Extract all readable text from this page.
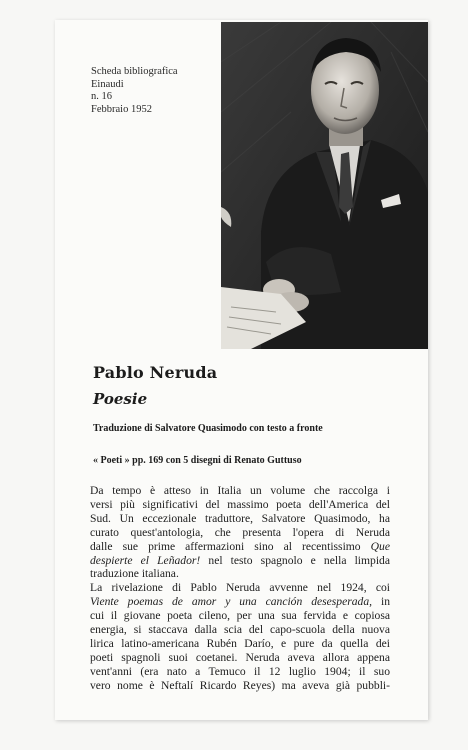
Scheda bibliografica
Einaudi
n. 16
Febbraio 1952
Pablo Neruda
Poesie
Traduzione di Salvatore Quasimodo con testo a fronte
« Poeti » pp. 169 con 5 disegni di Renato Guttuso
Da tempo è atteso in Italia un volume che raccolga i
versi più significativi del massimo poeta dell'America del
Sud. Un eccezionale traduttore, Salvatore Quasimodo, ha
curato quest'antologia, che presenta l'opera di Neruda
dalle sue prime affermazioni sino al recentissimo Que
despierte el Leñador! nel testo spagnolo e nella limpida
traduzione italiana.
La rivelazione di Pablo Neruda avvenne nel 1924, coi
Viente poemas de amor y una canción desesperada, in
cui il giovane poeta cileno, per una sua fervida e copiosa
energia, si staccava dalla scia del capo-scuola della nuova
lirica latino-americana Rubén Darío, e pure da quella dei
poeti spagnoli suoi coetanei. Neruda aveva allora appena
vent'anni (era nato a Temuco il 12 luglio 1904; il suo
vero nome è Neftalí Ricardo Reyes) ma aveva già pubbli-
